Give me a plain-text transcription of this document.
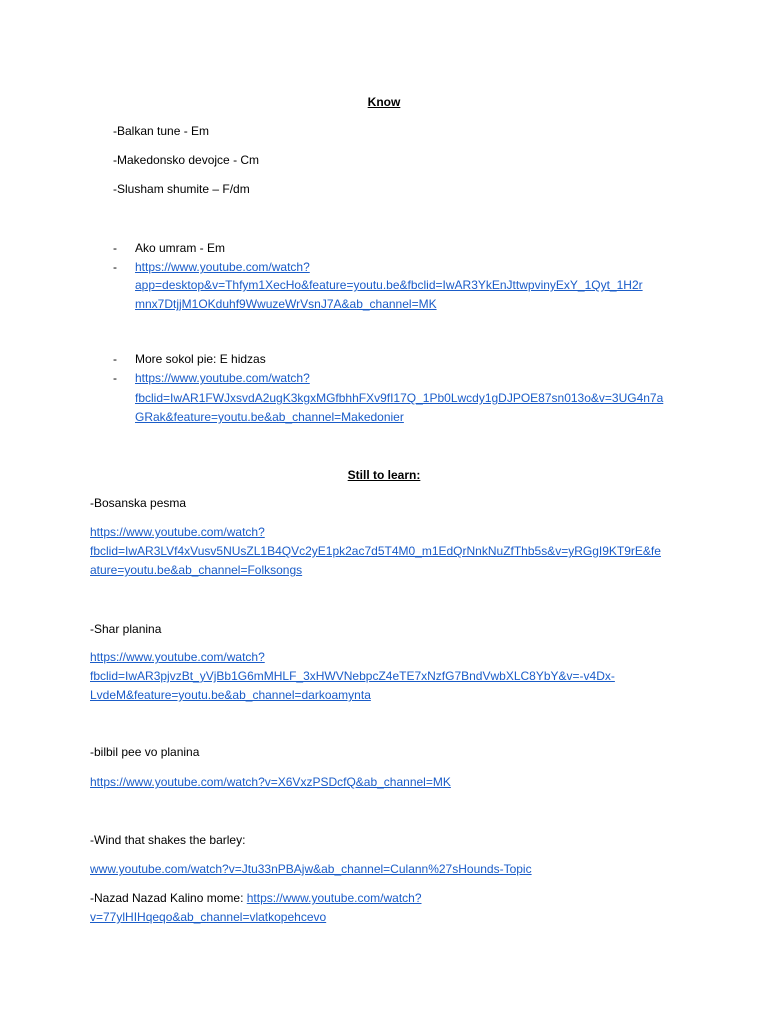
Know
-Balkan tune - Em
-Makedonsko devojce - Cm
-Slusham shumite – F/dm
- Ako umram - Em
- https://www.youtube.com/watch?
app=desktop&v=Thfym1XecHo&feature=youtu.be&fbclid=IwAR3YkEnJttwpvinyExY_1Qyt_1H2r
mnx7DtjjM1OKduhf9WwuzeWrVsnJ7A&ab_channel=MK
- More sokol pie: E hidzas
- https://www.youtube.com/watch?
fbclid=IwAR1FWJxsvdA2ugK3kgxMGfbhhFXv9fI17Q_1Pb0Lwcdy1gDJPOE87sn013o&v=3UG4n7a
GRak&feature=youtu.be&ab_channel=Makedonier
Still to learn:
-Bosanska pesma
https://www.youtube.com/watch?
fbclid=IwAR3LVf4xVusv5NUsZL1B4QVc2yE1pk2ac7d5T4M0_m1EdQrNnkNuZfThb5s&v=yRGgI9KT9rE&fe
ature=youtu.be&ab_channel=Folksongs
-Shar planina
https://www.youtube.com/watch?
fbclid=IwAR3pjvzBt_yVjBb1G6mMHLF_3xHWVNebpcZ4eTE7xNzfG7BndVwbXLC8YbY&v=-v4Dx-
LvdeM&feature=youtu.be&ab_channel=darkoamynta
-bilbil pee vo planina
https://www.youtube.com/watch?v=X6VxzPSDcfQ&ab_channel=MK
-Wind that shakes the barley:
www.youtube.com/watch?v=Jtu33nPBAjw&ab_channel=Culann%27sHounds-Topic
-Nazad Nazad Kalino mome: https://www.youtube.com/watch?
v=77ylHIHqeqo&ab_channel=vlatkopehcevo
